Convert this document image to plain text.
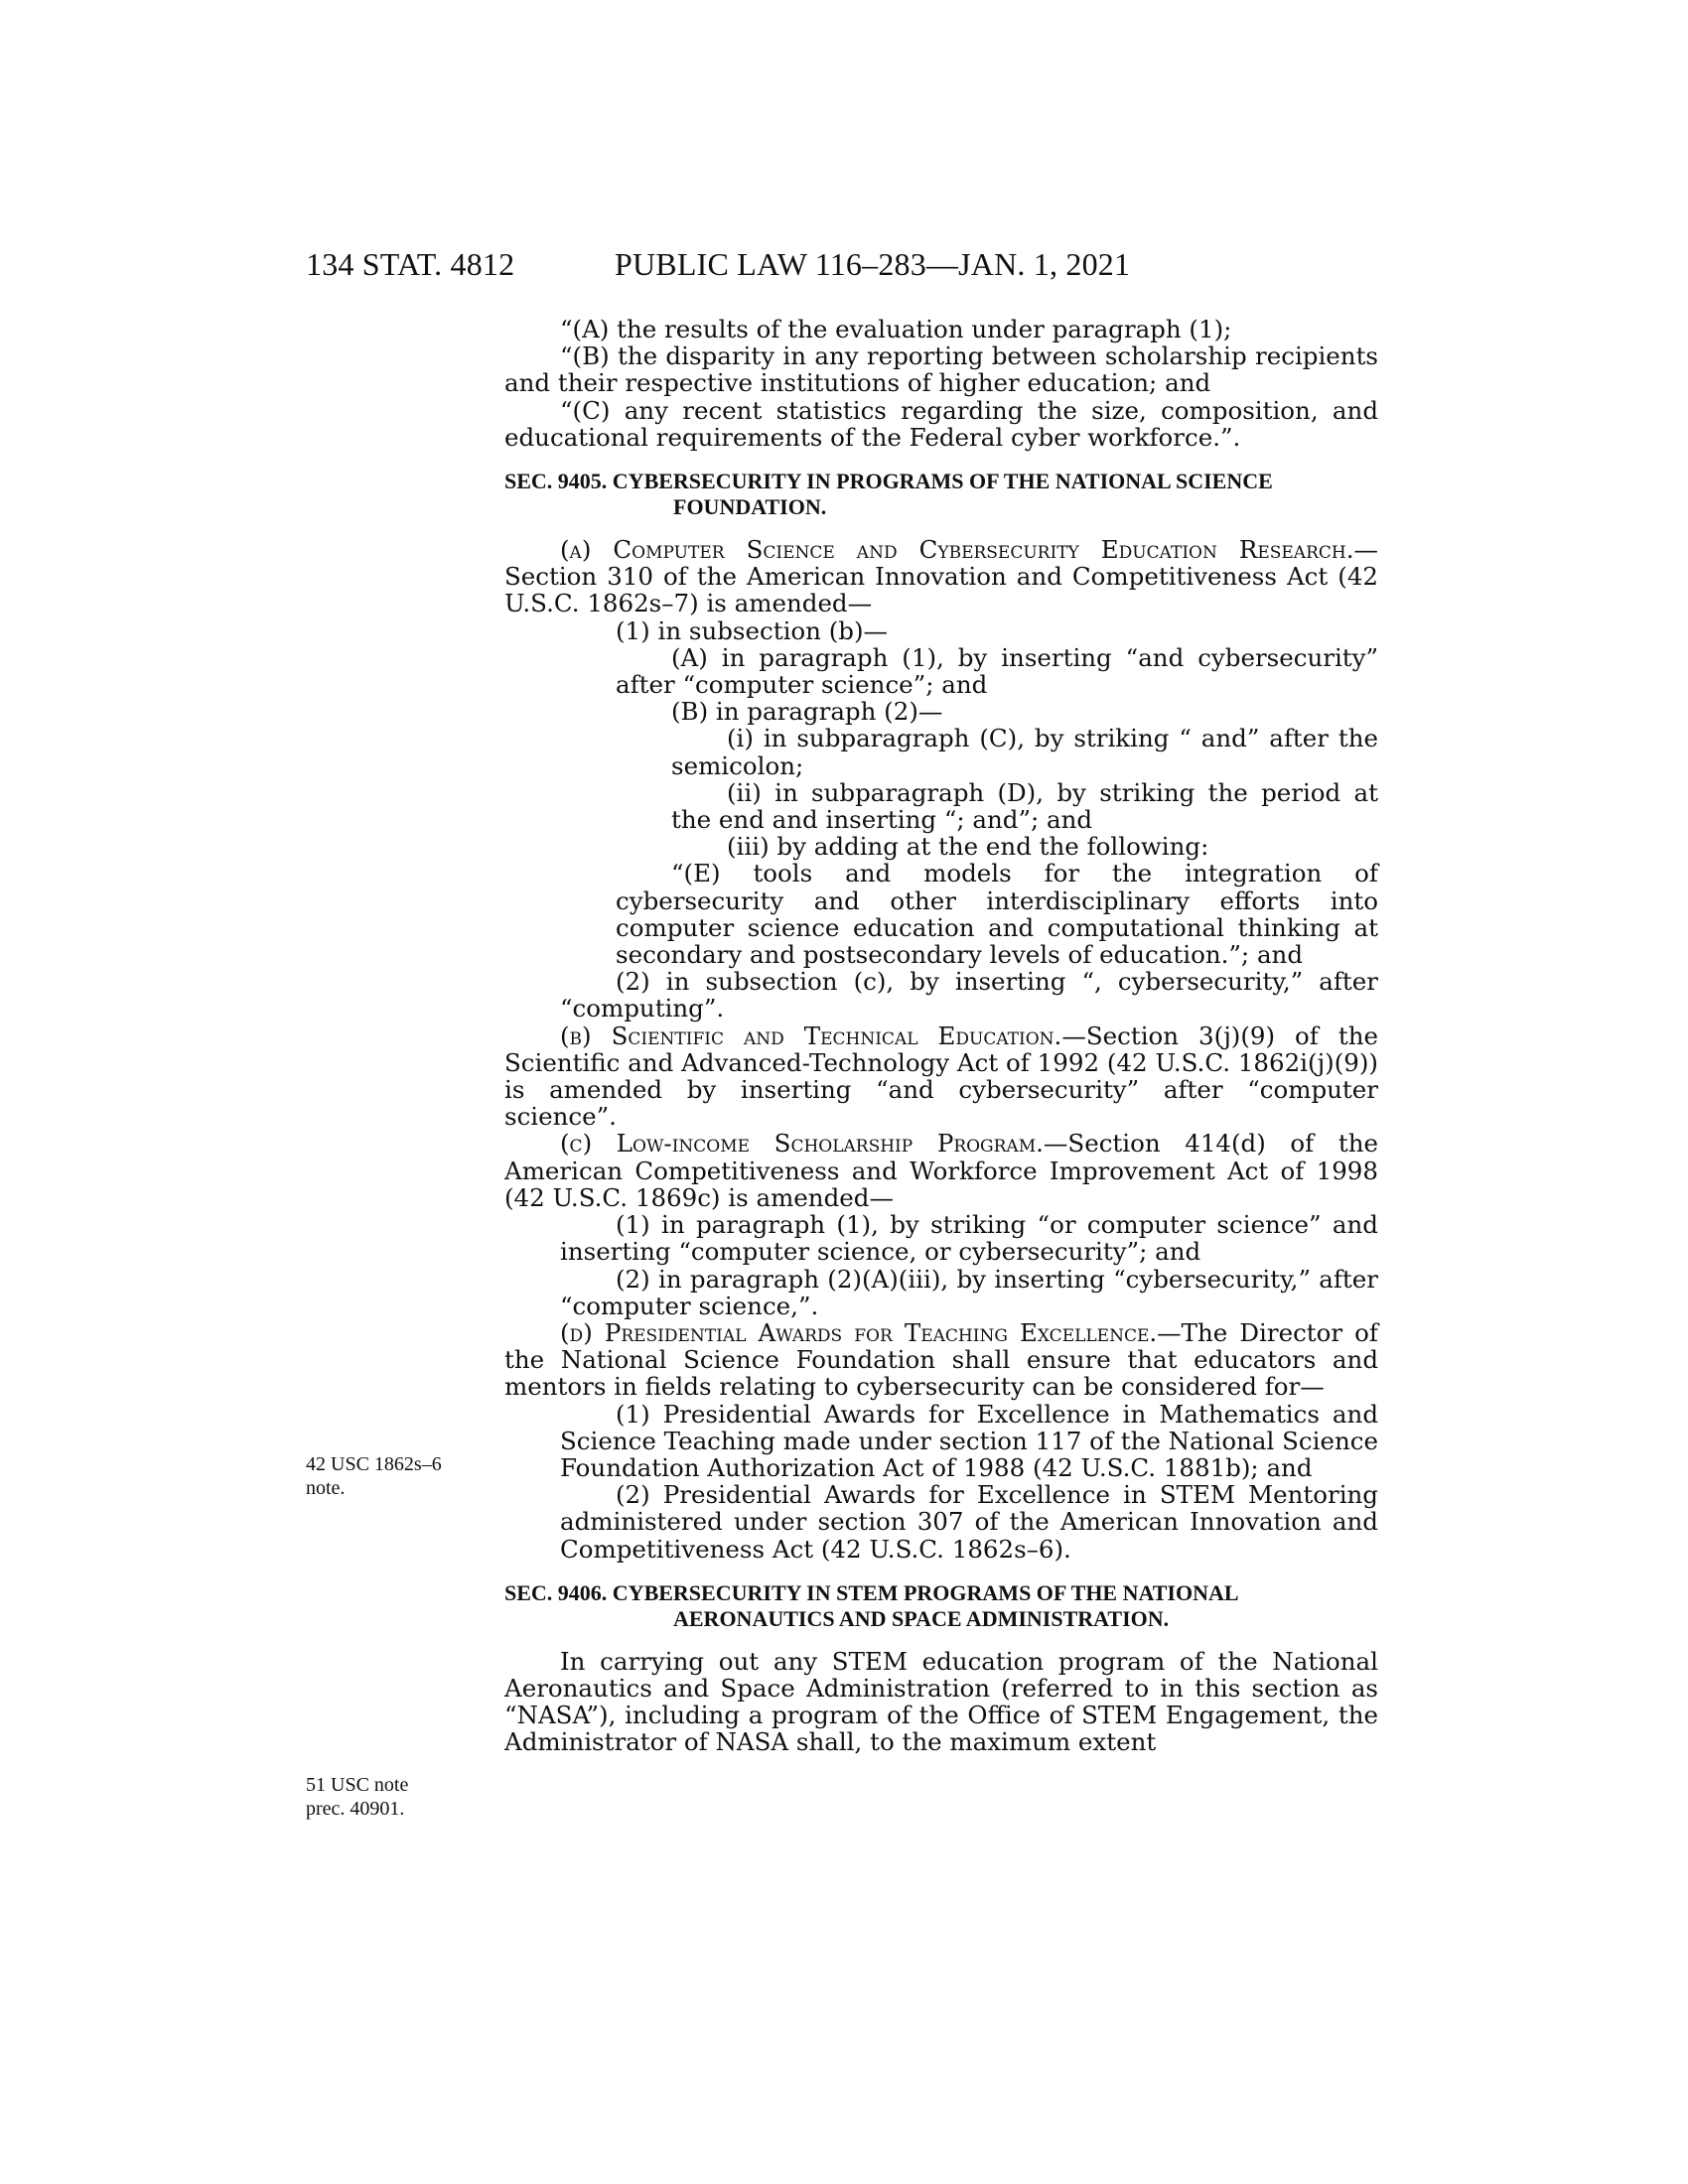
134 STAT. 4812	PUBLIC LAW 116–283—JAN. 1, 2021
42 USC 1862s–6
note.
51 USC note
prec. 40901.

“(A) the results of the evaluation under paragraph (1);

“(B) the disparity in any reporting between scholarship recipients and their respective institutions of higher education; and

“(C) any recent statistics regarding the size, composition, and educational requirements of the Federal cyber workforce.”.

SEC. 9405. CYBERSECURITY IN PROGRAMS OF THE NATIONAL SCIENCE FOUNDATION.

(a) Computer Science and Cybersecurity Education Research.—Section 310 of the American Innovation and Competitiveness Act (42 U.S.C. 1862s–7) is amended—

(1) in subsection (b)—

(A) in paragraph (1), by inserting “and cybersecurity” after “computer science”; and

(B) in paragraph (2)—

(i) in subparagraph (C), by striking “ and” after the semicolon;

(ii) in subparagraph (D), by striking the period at the end and inserting “; and”; and

(iii) by adding at the end the following:

“(E) tools and models for the integration of cybersecurity and other interdisciplinary efforts into computer science education and computational thinking at secondary and postsecondary levels of education.”; and

(2) in subsection (c), by inserting “, cybersecurity,” after “computing”.

(b) Scientific and Technical Education.—Section 3(j)(9) of the Scientific and Advanced-Technology Act of 1992 (42 U.S.C. 1862i(j)(9)) is amended by inserting “and cybersecurity” after “computer science”.

(c) Low-income Scholarship Program.—Section 414(d) of the American Competitiveness and Workforce Improvement Act of 1998 (42 U.S.C. 1869c) is amended—

(1) in paragraph (1), by striking “or computer science” and inserting “computer science, or cybersecurity”; and

(2) in paragraph (2)(A)(iii), by inserting “cybersecurity,” after “computer science,”.

(d) Presidential Awards for Teaching Excellence.—The Director of the National Science Foundation shall ensure that educators and mentors in fields relating to cybersecurity can be considered for—

(1) Presidential Awards for Excellence in Mathematics and Science Teaching made under section 117 of the National Science Foundation Authorization Act of 1988 (42 U.S.C. 1881b); and

(2) Presidential Awards for Excellence in STEM Mentoring administered under section 307 of the American Innovation and Competitiveness Act (42 U.S.C. 1862s–6).

SEC. 9406. CYBERSECURITY IN STEM PROGRAMS OF THE NATIONAL AERONAUTICS AND SPACE ADMINISTRATION.

In carrying out any STEM education program of the National Aeronautics and Space Administration (referred to in this section as “NASA”), including a program of the Office of STEM Engagement, the Administrator of NASA shall, to the maximum extent
